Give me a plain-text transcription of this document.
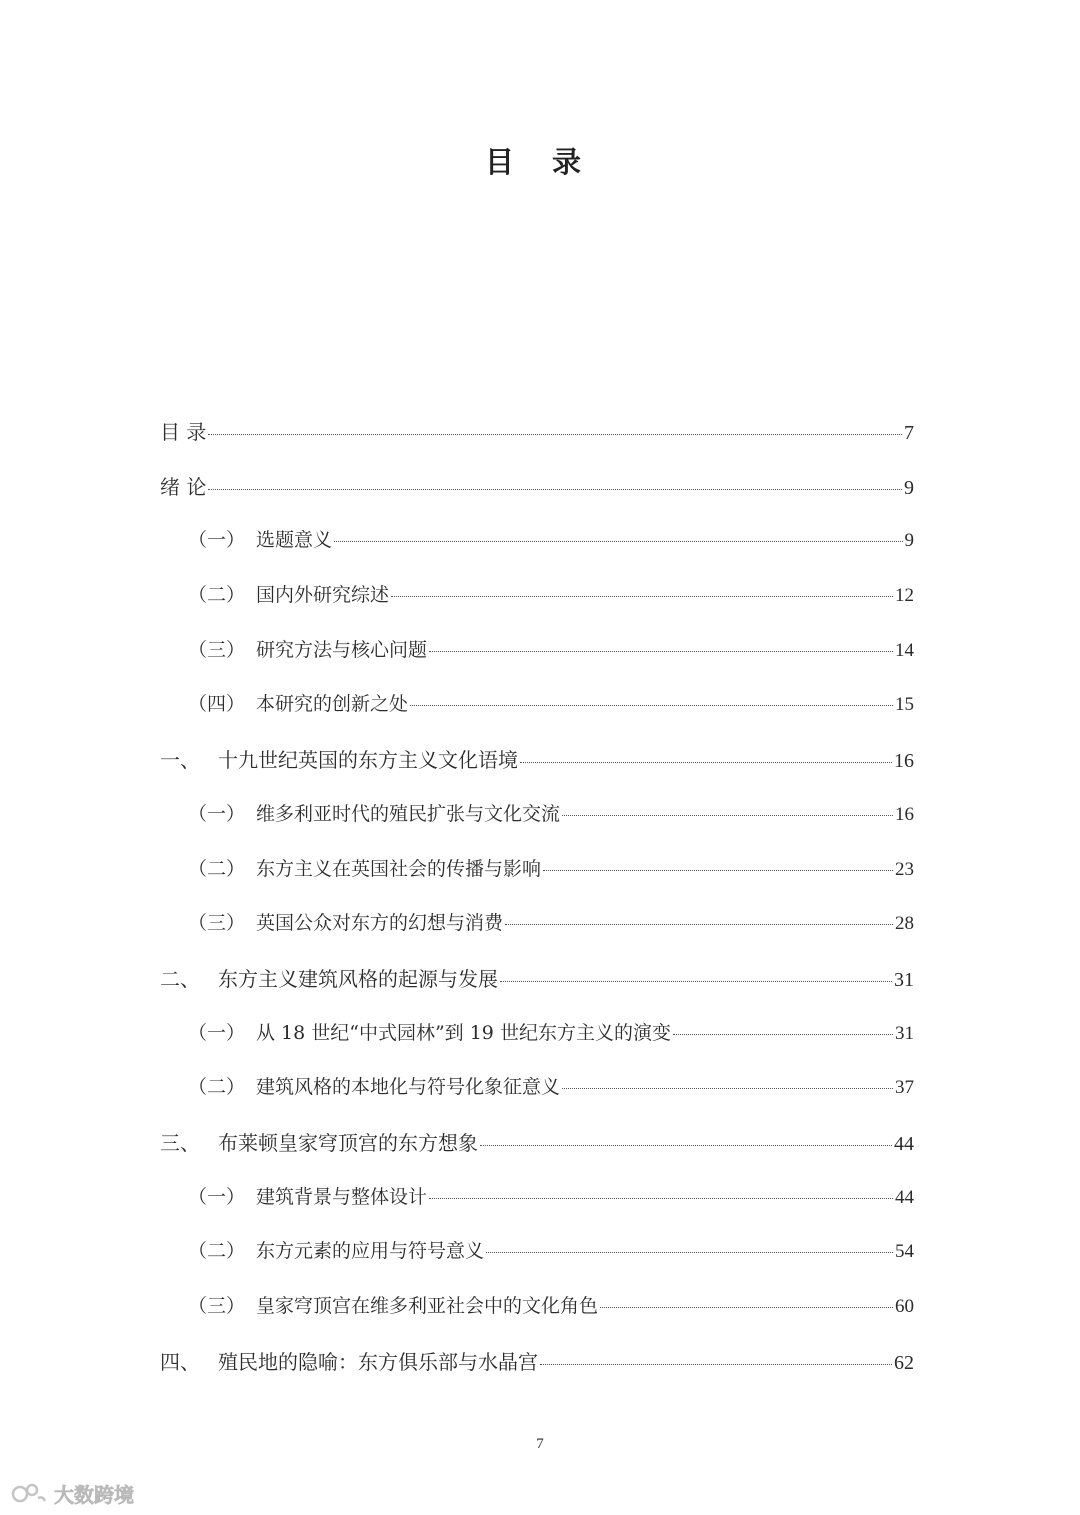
目 录
目 录	7
绪 论	9
（一） 选题意义	9
（二） 国内外研究综述	12
（三） 研究方法与核心问题	14
（四） 本研究的创新之处	15
一、 十九世纪英国的东方主义文化语境	16
（一） 维多利亚时代的殖民扩张与文化交流	16
（二） 东方主义在英国社会的传播与影响	23
（三） 英国公众对东方的幻想与消费	28
二、 东方主义建筑风格的起源与发展	31
（一） 从 18 世纪“中式园林”到 19 世纪东方主义的演变	31
（二） 建筑风格的本地化与符号化象征意义	37
三、 布莱顿皇家穹顶宫的东方想象	44
（一） 建筑背景与整体设计	44
（二） 东方元素的应用与符号意义	54
（三） 皇家穹顶宫在维多利亚社会中的文化角色	60
四、 殖民地的隐喻：东方俱乐部与水晶宫	62
7
大数跨境
